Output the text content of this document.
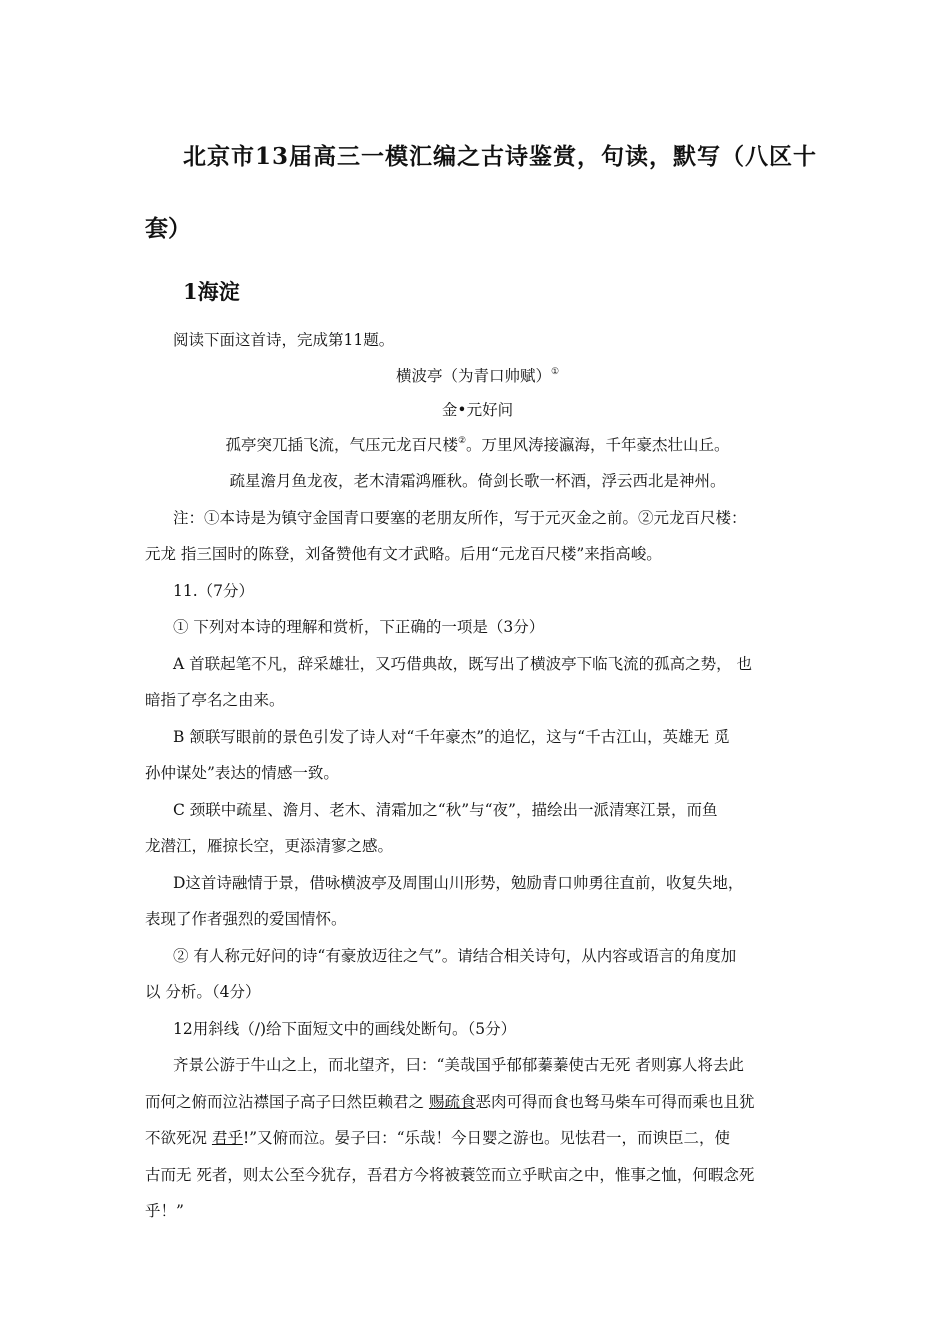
北京市13届高三一模汇编之古诗鉴赏，句读，默写（八区十
套）
1海淀
阅读下面这首诗，完成第11题。
横波亭（为青口帅赋）①
金•元好问
孤亭突兀插飞流，气压元龙百尺楼②。万里风涛接瀛海，千年豪杰壮山丘。
疏星澹月鱼龙夜，老木清霜鸿雁秋。倚剑长歌一杯酒，浮云西北是神州。
注：①本诗是为镇守金国青口要塞的老朋友所作，写于元灭金之前。②元龙百尺楼：
元龙 指三国时的陈登，刘备赞他有文才武略。后用“元龙百尺楼”来指高峻。
11.（7分）
① 下列对本诗的理解和赏析，下正确的一项是（3分）
A 首联起笔不凡，辞采雄壮，又巧借典故，既写出了横波亭下临飞流的孤高之势， 也
暗指了亭名之由来。
B 颔联写眼前的景色引发了诗人对“千年豪杰”的追忆，这与“千古江山，英雄无 觅
孙仲谋处”表达的情感一致。
C 颈联中疏星、澹月、老木、清霜加之“秋”与“夜”，描绘出一派清寒江景，而鱼
龙潜江，雁掠长空，更添清寥之感。
D这首诗融情于景，借咏横波亭及周围山川形势，勉励青口帅勇往直前，收复失地，
表现了作者强烈的爱国情怀。
② 有人称元好问的诗“有豪放迈往之气”。请结合相关诗句，从内容或语言的角度加
以 分析。（4分）
12用斜线（/)给下面短文中的画线处断句。（5分）
齐景公游于牛山之上，而北望齐，曰：“美哉国乎郁郁蓁蓁使古无死 者则寡人将去此
而何之俯而泣沾襟国子高子曰然臣赖君之 赐疏食恶肉可得而食也驽马柴车可得而乘也且犹
不欲死况 君乎!”又俯而泣。晏子曰：“乐哉！今日婴之游也。见怯君一，而谀臣二，使
古而无 死者，则太公至今犹存，吾君方今将被蓑笠而立乎畎亩之中，惟事之恤，何暇念死
乎！”
